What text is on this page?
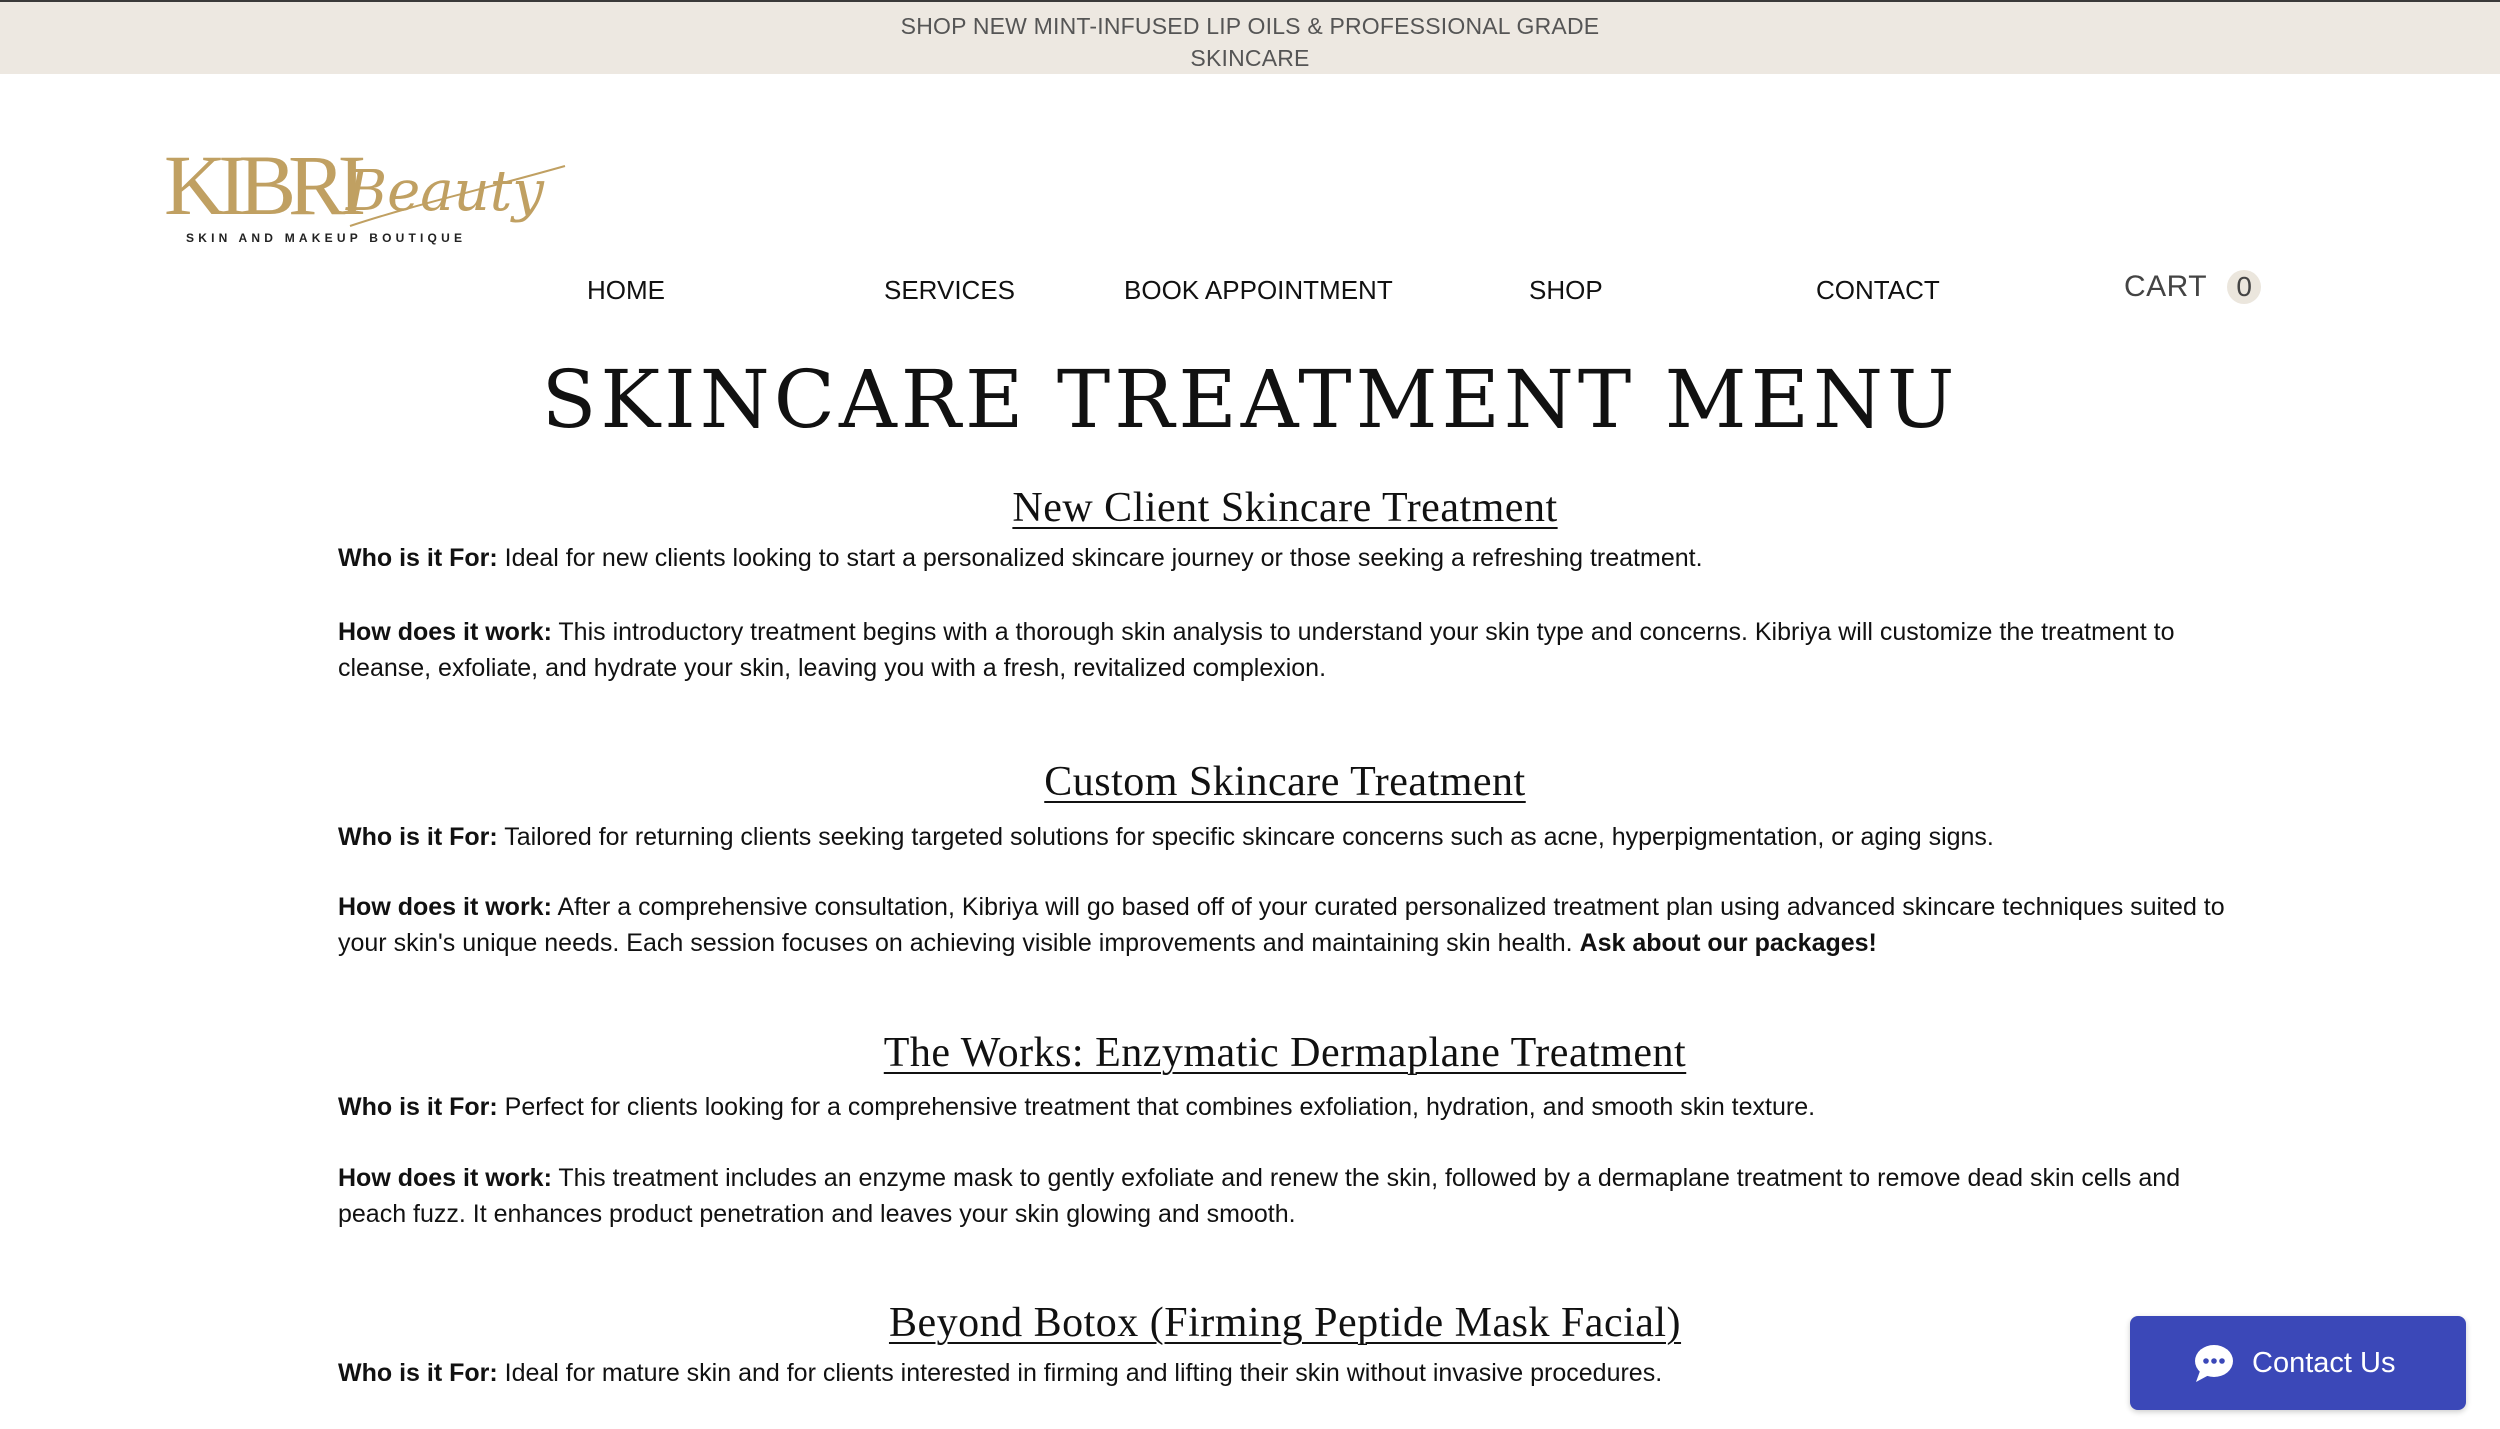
SHOP NEW MINT-INFUSED LIP OILS & PROFESSIONAL GRADE
SKINCARE
KIBRI
Beauty
SKIN AND MAKEUP BOUTIQUE
HOME	SERVICES	BOOK APPOINTMENT	SHOP	CONTACT	CART	0
SKINCARE TREATMENT MENU
New Client Skincare Treatment

Who is it For: Ideal for new clients looking to start a personalized skincare journey or those seeking a refreshing treatment.

How does it work: This introductory treatment begins with a thorough skin analysis to understand your skin type and concerns. Kibriya will customize the treatment to cleanse, exfoliate, and hydrate your skin, leaving you with a fresh, revitalized complexion.

Custom Skincare Treatment

Who is it For: Tailored for returning clients seeking targeted solutions for specific skincare concerns such as acne, hyperpigmentation, or aging signs.

How does it work: After a comprehensive consultation, Kibriya will go based off of your curated personalized treatment plan using advanced skincare techniques suited to your skin's unique needs. Each session focuses on achieving visible improvements and maintaining skin health. Ask about our packages!

The Works: Enzymatic Dermaplane Treatment

Who is it For: Perfect for clients looking for a comprehensive treatment that combines exfoliation, hydration, and smooth skin texture.

How does it work: This treatment includes an enzyme mask to gently exfoliate and renew the skin, followed by a dermaplane treatment to remove dead skin cells and peach fuzz. It enhances product penetration and leaves your skin glowing and smooth.

Beyond Botox (Firming Peptide Mask Facial)

Who is it For: Ideal for mature skin and for clients interested in firming and lifting their skin without invasive procedures.	Contact Us
